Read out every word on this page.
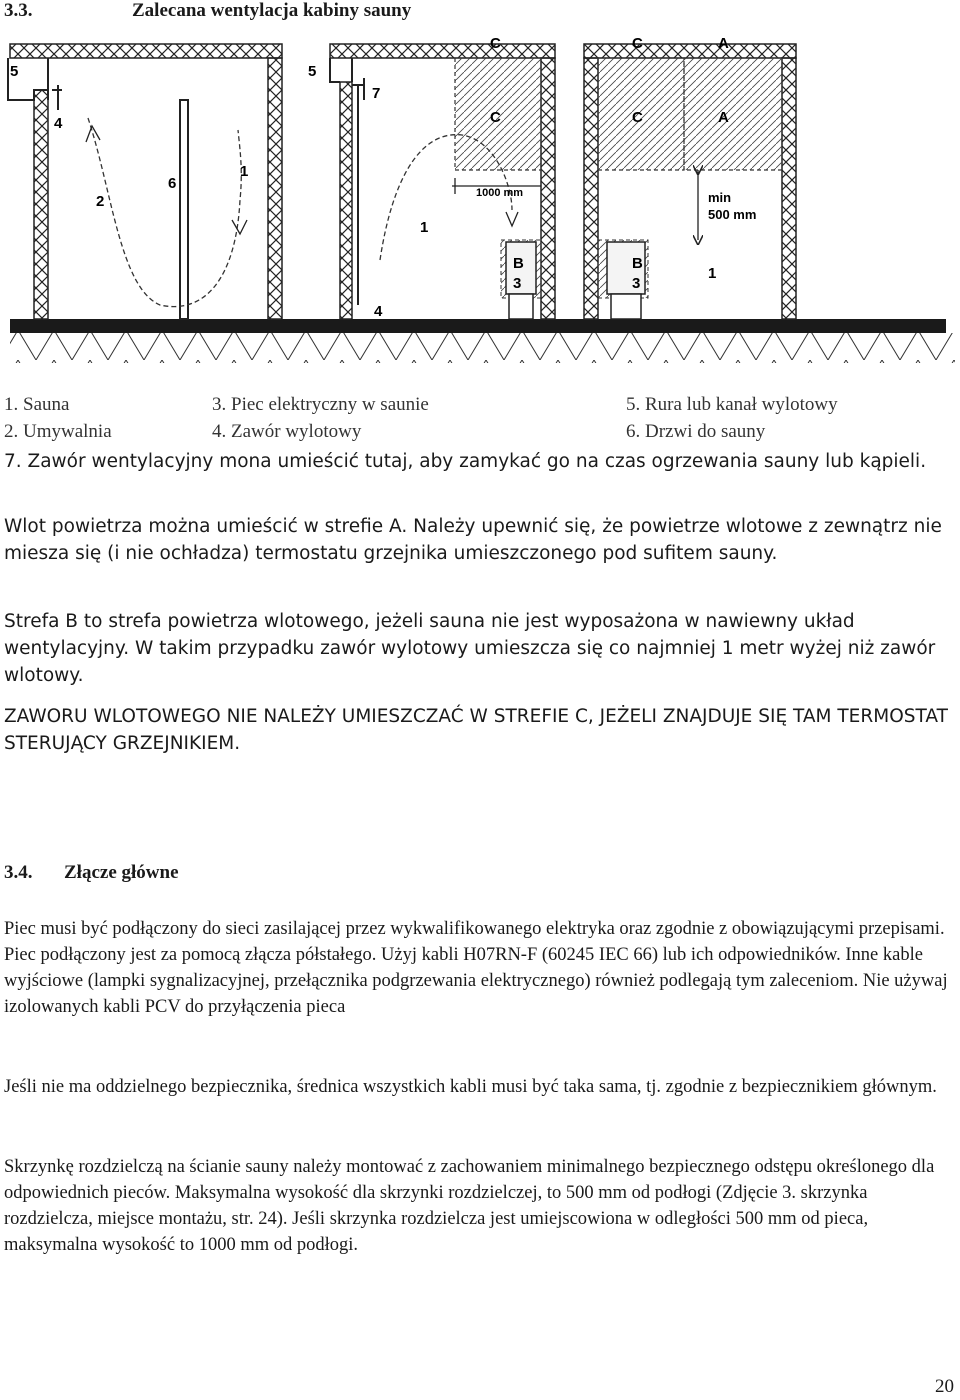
3.3.	Zalecana wentylacja kabiny sauny
5
4
2
6
1
5
7
1
4
C
C
1000 mm
B
3
C	A
C	A
min
500 mm
B
3
1
1. Sauna	3. Piec elektryczny w saunie	5. Rura lub kanał wylotowy
2. Umywalnia	4. Zawór wylotowy	6. Drzwi do sauny

7. Zawór wentylacyjny mona umieścić tutaj, aby zamykać go na czas ogrzewania sauny lub kąpieli.

Wlot powietrza można umieścić w strefie A. Należy upewnić się, że powietrze wlotowe z zewnątrz nie miesza się (i nie ochładza) termostatu grzejnika umieszczonego pod sufitem sauny.

Strefa B to strefa powietrza wlotowego, jeżeli sauna nie jest wyposażona w nawiewny układ wentylacyjny. W takim przypadku zawór wylotowy umieszcza się co najmniej 1 metr wyżej niż zawór wlotowy.

ZAWORU WLOTOWEGO NIE NALEŻY UMIESZCZAĆ W STREFIE C, JEŻELI ZNAJDUJE SIĘ TAM TERMOSTAT STERUJĄCY GRZEJNIKIEM.

3.4. Złącze główne

Piec musi być podłączony do sieci zasilającej przez wykwalifikowanego elektryka oraz zgodnie z obowiązującymi przepisami. Piec podłączony jest za pomocą złącza półstałego. Użyj kabli H07RN-F (60245 IEC 66) lub ich odpowiedników. Inne kable wyjściowe (lampki sygnalizacyjnej, przełącznika podgrzewania elektrycznego) również podlegają tym zaleceniom. Nie używaj izolowanych kabli PCV do przyłączenia pieca

Jeśli nie ma oddzielnego bezpiecznika, średnica wszystkich kabli musi być taka sama, tj. zgodnie z bezpiecznikiem głównym.

Skrzynkę rozdzielczą na ścianie sauny należy montować z zachowaniem minimalnego bezpiecznego odstępu określonego dla odpowiednich pieców. Maksymalna wysokość dla skrzynki rozdzielczej, to 500 mm od podłogi (Zdjęcie 3. skrzynka rozdzielcza, miejsce montażu, str. 24). Jeśli skrzynka rozdzielcza jest umiejscowiona w odległości 500 mm od pieca, maksymalna wysokość to 1000 mm od podłogi.

20
